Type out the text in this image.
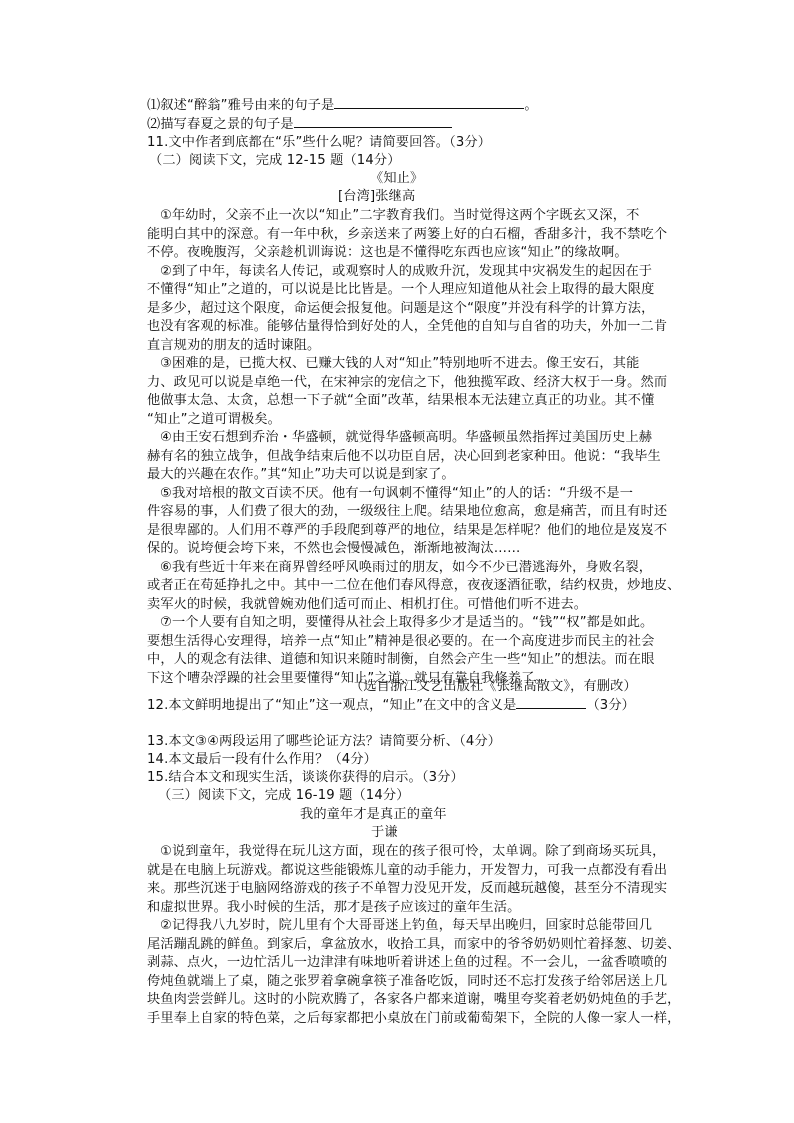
⑴叙述“醉翁”雅号由来的句子是	。
⑵描写春夏之景的句子是
11.文中作者到底都在“乐”些什么呢？请简要回答。（3分）
（二）阅读下文，完成 12-15 题（14分）
《知止》
[台湾]张继高
①年幼时，父亲不止一次以“知止”二字教育我们。当时觉得这两个字既玄又深，不
能明白其中的深意。有一年中秋，乡亲送来了两篓上好的白石榴，香甜多汁，我不禁吃个
不停。夜晚腹泻，父亲趁机训诲说：这也是不懂得吃东西也应该“知止”的缘故啊。
②到了中年，每读名人传记，或观察时人的成败升沉，发现其中灾祸发生的起因在于
不懂得“知止”之道的，可以说是比比皆是。一个人理应知道他从社会上取得的最大限度
是多少，超过这个限度，命运便会报复他。问题是这个“限度”并没有科学的计算方法，
也没有客观的标准。能够估量得恰到好处的人，全凭他的自知与自省的功夫，外加一二肯
直言规劝的朋友的适时谏阻。
③困难的是，已揽大权、已赚大钱的人对“知止”特别地听不进去。像王安石，其能
力、政见可以说是卓绝一代，在宋神宗的宠信之下，他独揽军政、经济大权于一身。然而
他做事太急、太贪，总想一下子就“全面”改革，结果根本无法建立真正的功业。其不懂
“知止”之道可谓极矣。
④由王安石想到乔治・华盛顿，就觉得华盛顿高明。华盛顿虽然指挥过美国历史上赫
赫有名的独立战争，但战争结束后他不以功臣自居，决心回到老家种田。他说：“我毕生
最大的兴趣在农作。”其“知止”功夫可以说是到家了。
⑤我对培根的散文百读不厌。他有一句讽刺不懂得“知止”的人的话：“升级不是一
件容易的事，人们费了很大的劲，一级级往上爬。结果地位愈高，愈是痛苦，而且有时还
是很卑鄙的。人们用不尊严的手段爬到尊严的地位，结果是怎样呢？他们的地位是岌岌不
保的。说垮便会垮下来，不然也会慢慢减色，渐渐地被淘汰……
⑥我有些近十年来在商界曾经呼风唤雨过的朋友，如今不少已潜逃海外，身败名裂，
或者正在苟延挣扎之中。其中一二位在他们春风得意，夜夜逐酒征歌，结约权贵，炒地皮、
卖军火的时候，我就曾婉劝他们适可而止、相机打住。可惜他们听不进去。
⑦一个人要有自知之明，要懂得从社会上取得多少才是适当的。“钱”“权”都是如此。
要想生活得心安理得，培养一点“知止”精神是很必要的。在一个高度进步而民主的社会
中，人的观念有法律、道德和知识来随时制衡，自然会产生一些“知止”的想法。而在眼
下这个嘈杂浮躁的社会里要懂得“知止”之道，就只有靠自我修养了。
（选自浙江文艺出版社《张继高散文》，有删改）
12.本文鲜明地提出了“知止”这一观点，“知止”在文中的含义是	（3分）
13.本文③④两段运用了哪些论证方法？请简要分析、（4分）
14.本文最后一段有什么作用？（4分）
15.结合本文和现实生活，谈谈你获得的启示。（3分）
（三）阅读下文，完成 16-19 题（14分）
我的童年才是真正的童年
于谦
①说到童年，我觉得在玩儿这方面，现在的孩子很可怜，太单调。除了到商场买玩具，
就是在电脑上玩游戏。都说这些能锻炼儿童的动手能力，开发智力，可我一点都没有看出
来。那些沉迷于电脑网络游戏的孩子不单智力没见开发，反而越玩越傻，甚至分不清现实
和虚拟世界。我小时候的生活，那才是孩子应该过的童年生活。
②记得我八九岁时，院儿里有个大哥哥迷上钓鱼，每天早出晚归，回家时总能带回几
尾活蹦乱跳的鲜鱼。到家后，拿盆放水，收拾工具，而家中的爷爷奶奶则忙着择葱、切姜、
剥蒜、点火，一边忙活儿一边津津有味地听着讲述上鱼的过程。不一会儿，一盆香喷喷的
侉炖鱼就端上了桌，随之张罗着拿碗拿筷子准备吃饭，同时还不忘打发孩子给邻居送上几
块鱼肉尝尝鲜儿。这时的小院欢腾了，各家各户都来道谢，嘴里夸奖着老奶奶炖鱼的手艺，
手里奉上自家的特色菜，之后每家都把小桌放在门前或葡萄架下，全院的人像一家人一样，
